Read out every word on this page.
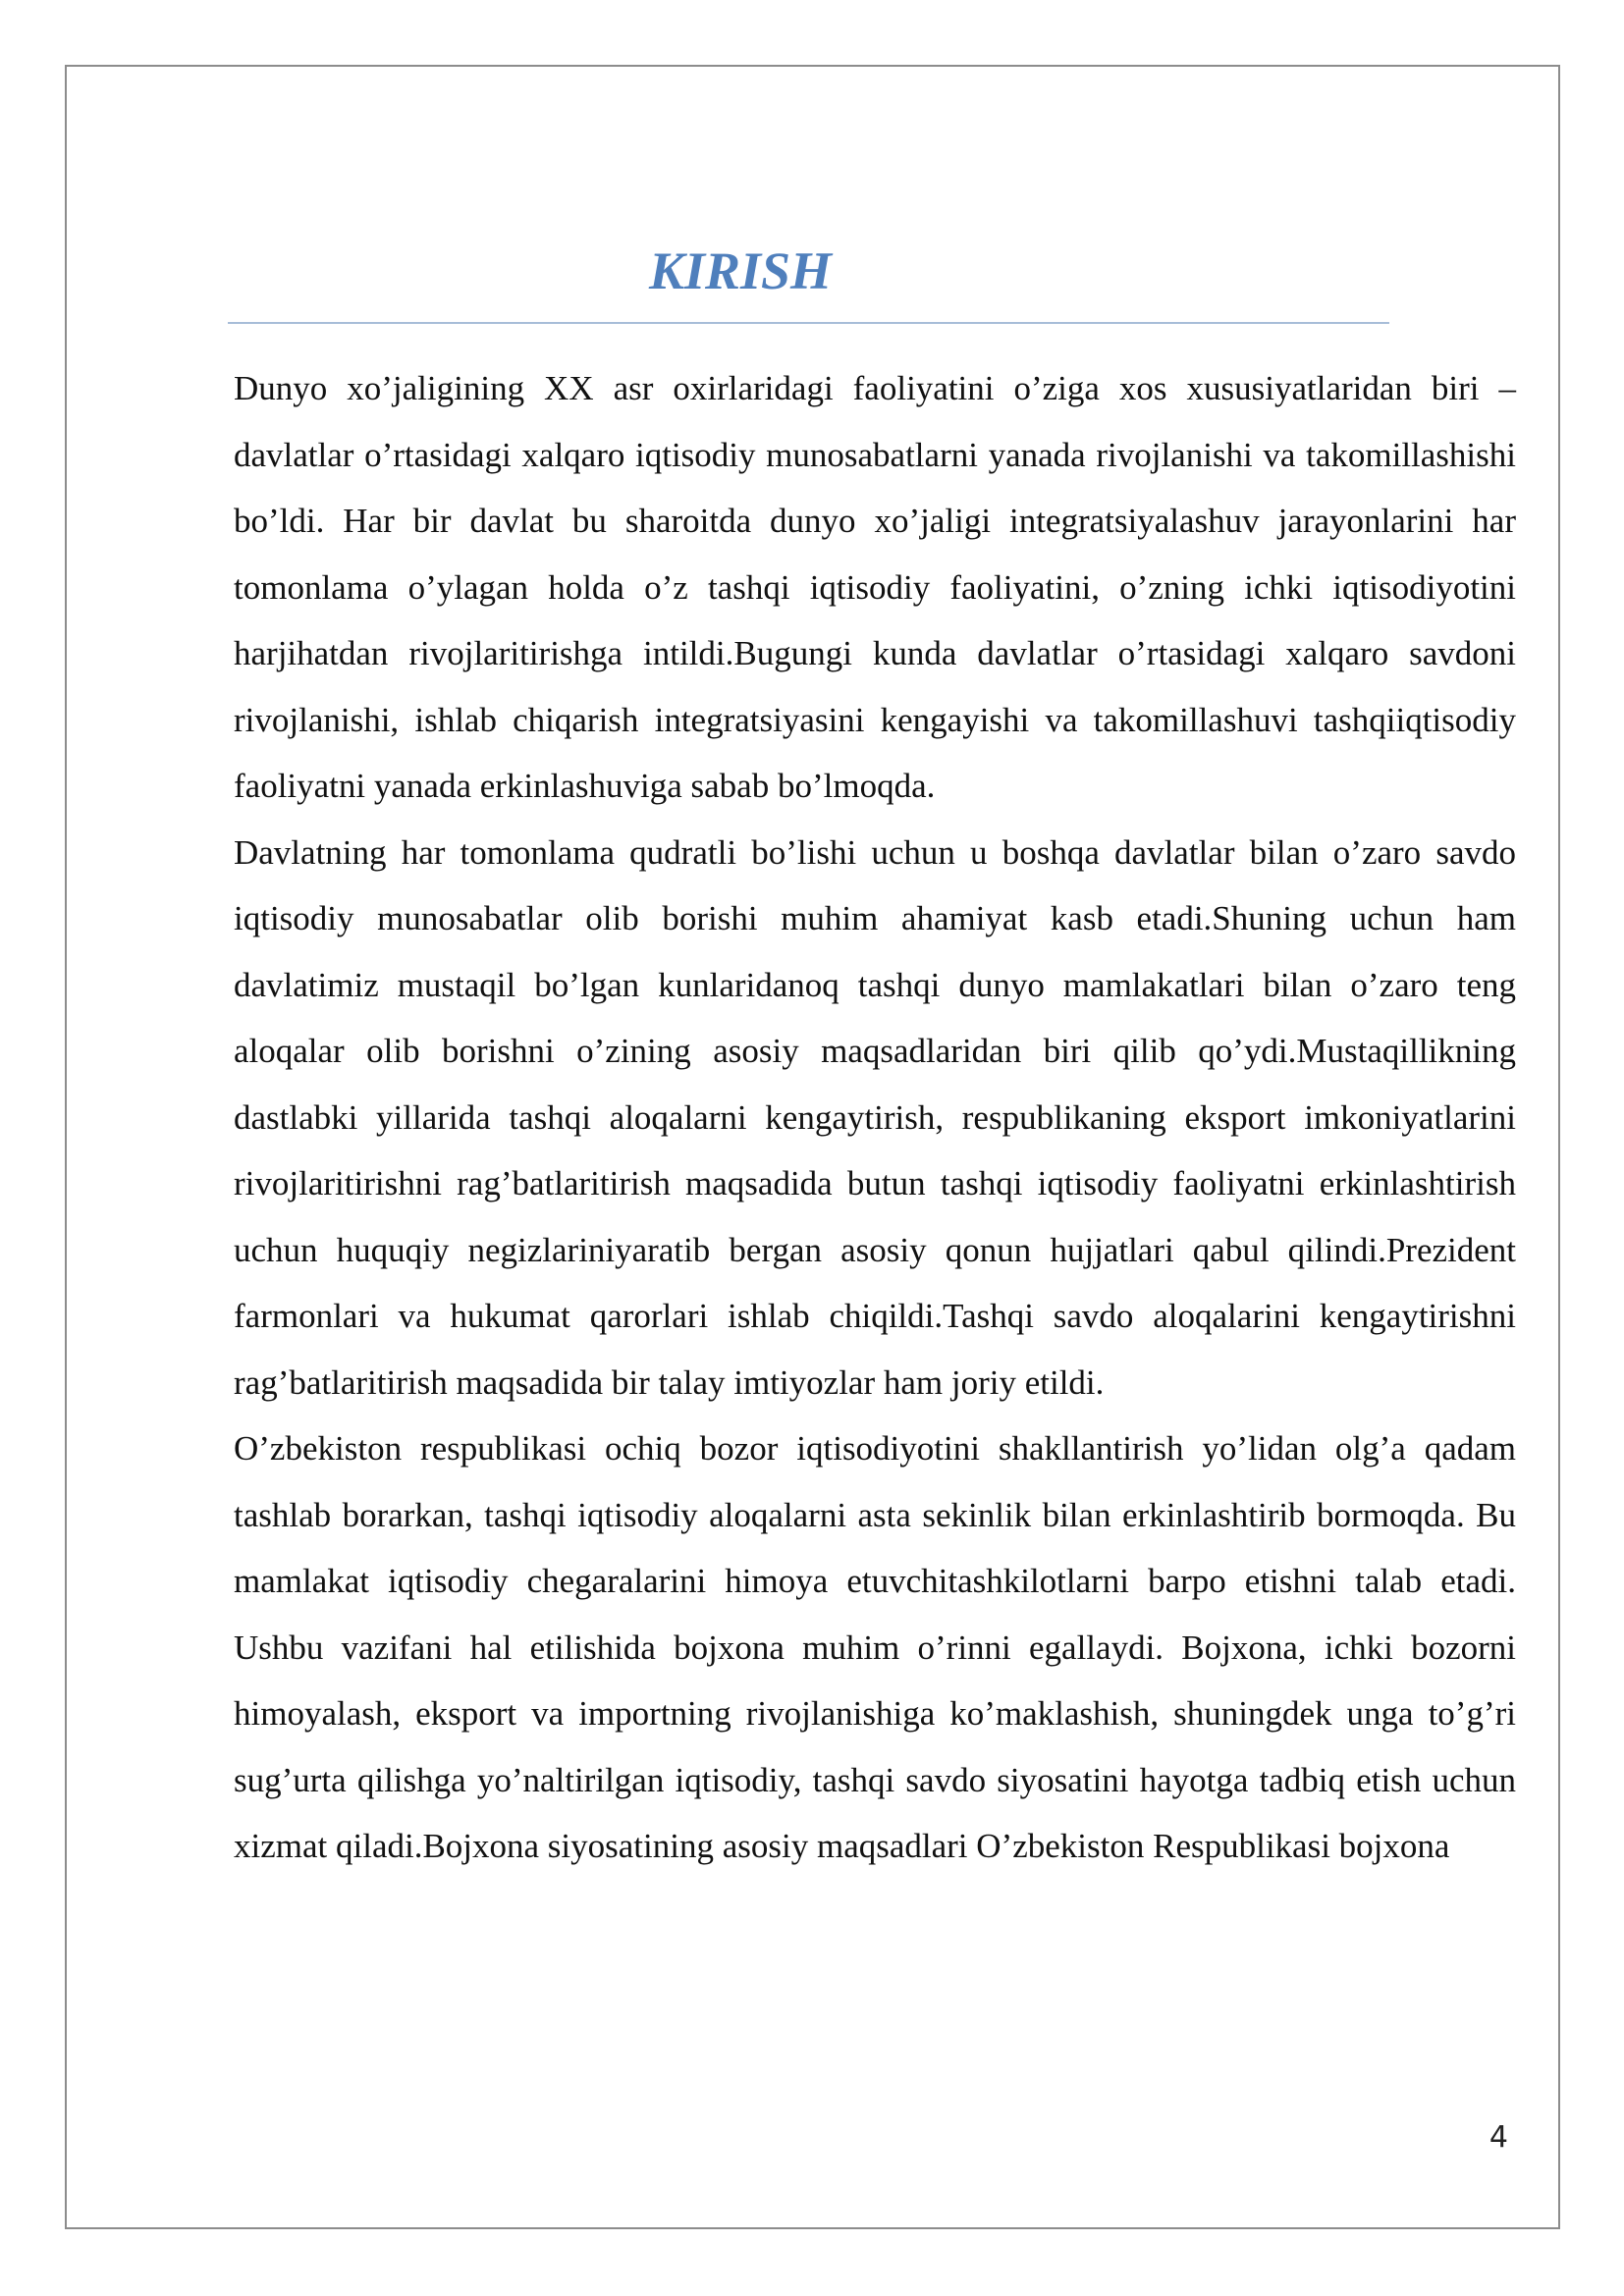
KIRISH

Dunyo xo’jaligining XX asr oxirlaridagi faoliyatini o’ziga xos xususiyatlaridan biri – davlatlar o’rtasidagi xalqaro iqtisodiy munosabatlarni yanada rivojlanishi va takomillashishi bo’ldi. Har bir davlat bu sharoitda dunyo xo’jaligi integratsiyalashuv jarayonlarini har tomonlama o’ylagan holda o’z tashqi iqtisodiy faoliyatini, o’zning ichki iqtisodiyotini harjihatdan rivojlaritirishga intildi.Bugungi kunda davlatlar o’rtasidagi xalqaro savdoni rivojlanishi, ishlab chiqarish integratsiyasini kengayishi va takomillashuvi tashqiiqtisodiy faoliyatni yanada erkinlashuviga sabab bo’lmoqda.

Davlatning har tomonlama qudratli bo’lishi uchun u boshqa davlatlar bilan o’zaro savdo iqtisodiy munosabatlar olib borishi muhim ahamiyat kasb etadi.Shuning uchun ham davlatimiz mustaqil bo’lgan kunlaridanoq tashqi dunyo mamlakatlari bilan o’zaro teng aloqalar olib borishni o’zining asosiy maqsadlaridan biri qilib qo’ydi.Mustaqillikning dastlabki yillarida tashqi aloqalarni kengaytirish, respublikaning eksport imkoniyatlarini rivojlaritirishni rag’batlaritirish maqsadida butun tashqi iqtisodiy faoliyatni erkinlashtirish uchun huquqiy negizlariniyaratib bergan asosiy qonun hujjatlari qabul qilindi.Prezident farmonlari va hukumat qarorlari ishlab chiqildi.Tashqi savdo aloqalarini kengaytirishni rag’batlaritirish maqsadida bir talay imtiyozlar ham joriy etildi.

O’zbekiston respublikasi ochiq bozor iqtisodiyotini shakllantirish yo’lidan olg’a qadam tashlab borarkan, tashqi iqtisodiy aloqalarni asta sekinlik bilan erkinlashtirib bormoqda. Bu mamlakat iqtisodiy chegaralarini himoya etuvchitashkilotlarni barpo etishni talab etadi. Ushbu vazifani hal etilishida bojxona muhim o’rinni egallaydi. Bojxona, ichki bozorni himoyalash, eksport va importning rivojlanishiga ko’maklashish, shuningdek unga to’g’ri sug’urta qilishga yo’naltirilgan iqtisodiy, tashqi savdo siyosatini hayotga tadbiq etish uchun xizmat qiladi.Bojxona siyosatining asosiy maqsadlari O’zbekiston Respublikasi bojxona

4
